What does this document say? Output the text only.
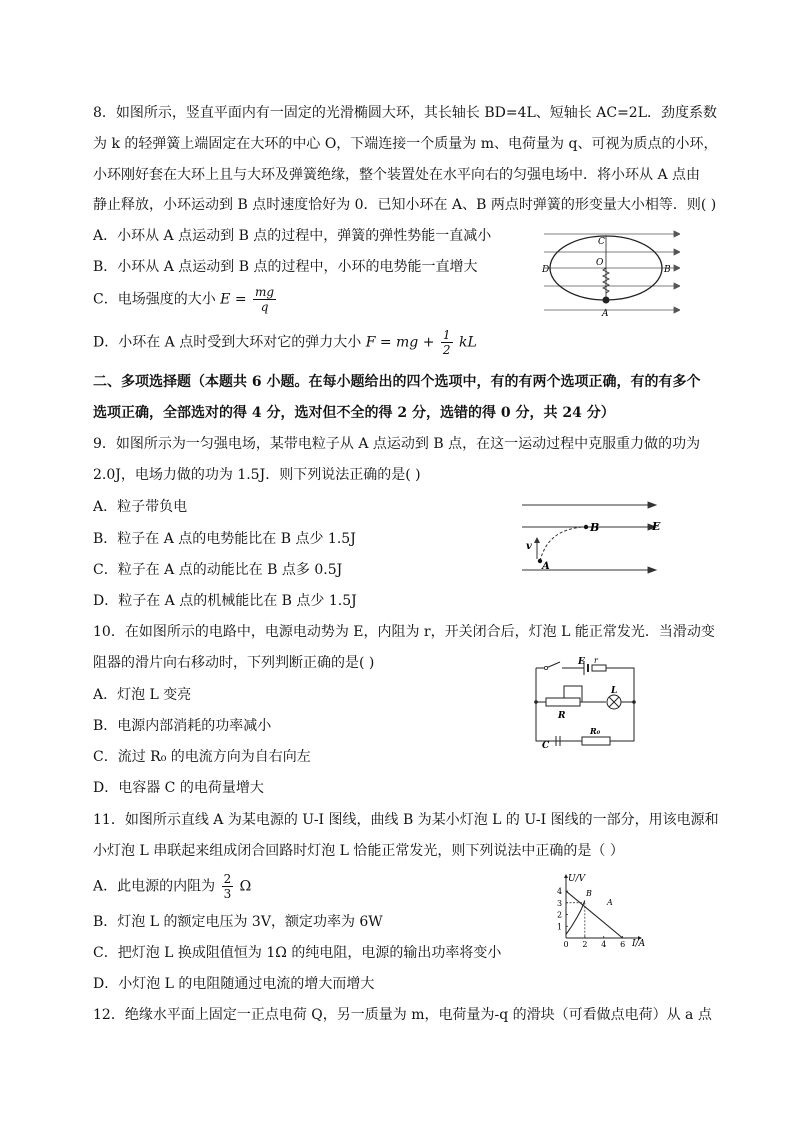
8．如图所示，竖直平面内有一固定的光滑椭圆大环，其长轴长 BD=4L、短轴长 AC=2L．劲度系数
为 k 的轻弹簧上端固定在大环的中心 O，下端连接一个质量为 m、电荷量为 q、可视为质点的小环，
小环刚好套在大环上且与大环及弹簧绝缘，整个装置处在水平向右的匀强电场中．将小环从 A 点由
静止释放，小环运动到 B 点时速度恰好为 0．已知小环在 A、B 两点时弹簧的形变量大小相等．则( )
A．小环从 A 点运动到 B 点的过程中，弹簧的弹性势能一直减小
B．小环从 A 点运动到 B 点的过程中，小环的电势能一直增大
C．电场强度的大小 $E = \frac{mg}{q}$
D．小环在 A 点时受到大环对它的弹力大小 F = mg + $\frac{1}{2}$ kL
C
O
D	B
A
二、多项选择题（本题共 6 小题。在每小题给出的四个选项中，有的有两个选项正确，有的有多个
选项正确，全部选对的得 4 分，选对但不全的得 2 分，选错的得 0 分，共 24 分）
9．如图所示为一匀强电场，某带电粒子从 A 点运动到 B 点，在这一运动过程中克服重力做的功为
2.0J，电场力做的功为 1.5J．则下列说法正确的是( )
A．粒子带负电
B．粒子在 A 点的电势能比在 B 点少 1.5J
C．粒子在 A 点的动能比在 B 点多 0.5J
D．粒子在 A 点的机械能比在 B 点少 1.5J
B	E
v
A
10．在如图所示的电路中，电源电动势为 E，内阻为 r，开关闭合后，灯泡 L 能正常发光．当滑动变
阻器的滑片向右移动时，下列判断正确的是( )
A．灯泡 L 变亮
B．电源内部消耗的功率减小
C．流过 R₀ 的电流方向为自右向左
D．电容器 C 的电荷量增大
E r
L
R
C
R₀
11．如图所示直线 A 为某电源的 U-I 图线，曲线 B 为某小灯泡 L 的 U-I 图线的一部分，用该电源和
小灯泡 L 串联起来组成闭合回路时灯泡 L 恰能正常发光，则下列说法中正确的是（ ）
A．此电源的内阻为 $\frac{2}{3}$ Ω
B．灯泡 L 的额定电压为 3V，额定功率为 6W
C．把灯泡 L 换成阻值恒为 1Ω 的纯电阻，电源的输出功率将变小
D．小灯泡 L 的电阻随通过电流的增大而增大
0 2 4 6
1
2
3
4
U/V
I/A
A
B
12．绝缘水平面上固定一正点电荷 Q，另一质量为 m，电荷量为-q 的滑块（可看做点电荷）从 a 点
